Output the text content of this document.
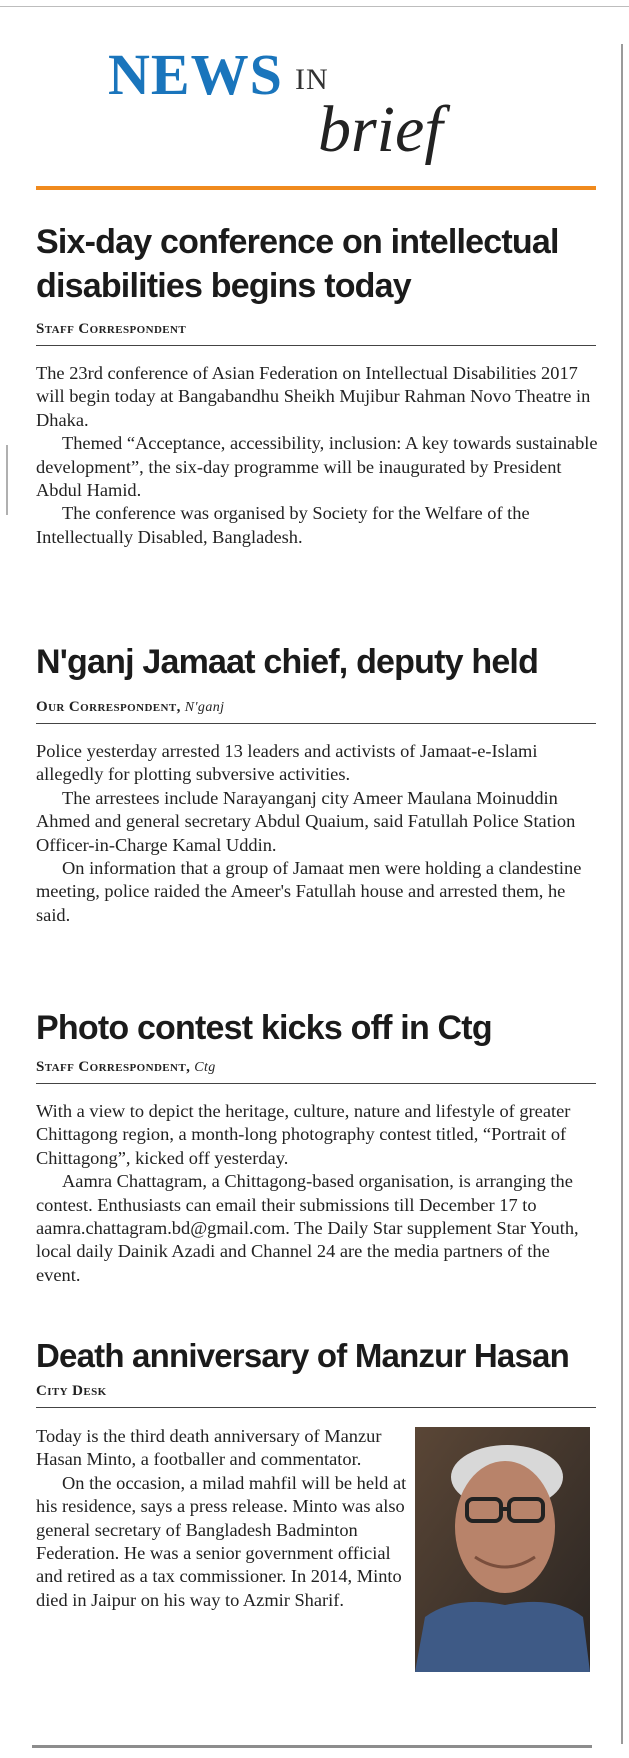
NEWS IN
brief
Six-day conference on intellectual disabilities begins today
Staff Correspondent

The 23rd conference of Asian Federation on Intellectual Disabilities 2017 will begin today at Bangabandhu Sheikh Mujibur Rahman Novo Theatre in Dhaka.

Themed “Acceptance, accessibility, inclusion: A key towards sustainable development”, the six-day programme will be inaugurated by President Abdul Hamid.

The conference was organised by Society for the Welfare of the Intellectually Disabled, Bangladesh.

N'ganj Jamaat chief, deputy held
Our Correspondent, N'ganj

Police yesterday arrested 13 leaders and activists of Jamaat-e-Islami allegedly for plotting subversive activities.

The arrestees include Narayanganj city Ameer Maulana Moinuddin Ahmed and general secretary Abdul Quaium, said Fatullah Police Station Officer-in-Charge Kamal Uddin.

On information that a group of Jamaat men were holding a clandestine meeting, police raided the Ameer's Fatullah house and arrested them, he said.

Photo contest kicks off in Ctg
Staff Correspondent, Ctg

With a view to depict the heritage, culture, nature and lifestyle of greater Chittagong region, a month-long photography contest titled, “Portrait of Chittagong”, kicked off yesterday.

Aamra Chattagram, a Chittagong-based organisation, is arranging the contest. Enthusiasts can email their submissions till December 17 to aamra.chattagram.bd@gmail.com. The Daily Star supplement Star Youth, local daily Dainik Azadi and Channel 24 are the media partners of the event.

Death anniversary of Manzur Hasan
City Desk

Today is the third death anniversary of Manzur Hasan Minto, a footballer and commentator.

On the occasion, a milad mahfil will be held at his residence, says a press release. Minto was also general secretary of Bangladesh Badminton Federation. He was a senior government official and retired as a tax commissioner. In 2014, Minto died in Jaipur on his way to Azmir Sharif.
